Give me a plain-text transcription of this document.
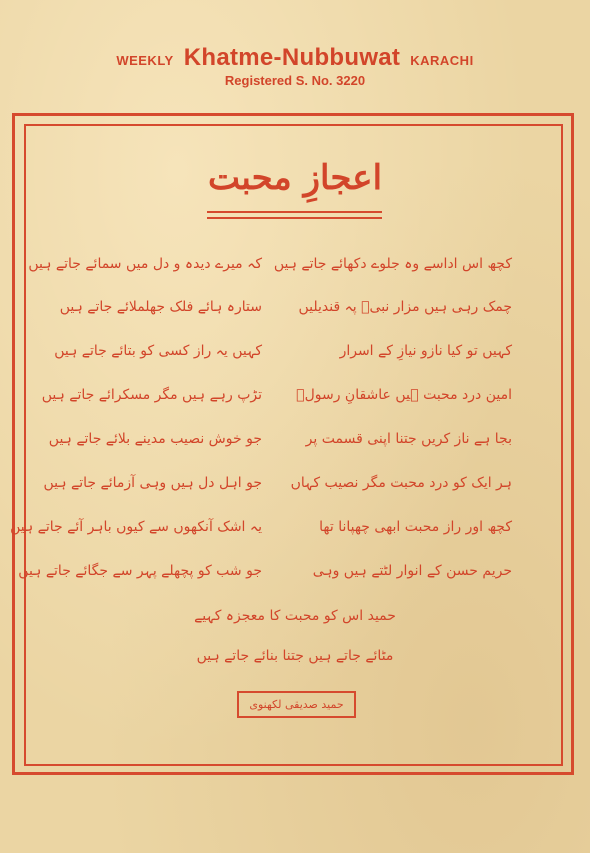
WEEKLY Khatme-Nubbuwat KARACHI
Registered S. No. 3220
اعجازِ محبت
کچھ اس اداسے وہ جلوے دکھائے جاتے ہیں
چمک رہی ہیں مزار نبیؐ پہ قندیلیں
کہیں تو کیا نازو نیازِ کے اسرار
امین درد محبت ہیں عاشقانِ رسولؐ
بجا ہے ناز کریں جتنا اپنی قسمت پر
ہر ایک کو درد محبت مگر نصیب کہاں
کچھ اور راز محبت ابھی چھپانا تھا
حریم حسن کے انوار لٹتے ہیں وہی
کہ میرے دیدہ و دل میں سمائے جاتے ہیں
ستارہ ہائے فلک جھلملائے جاتے ہیں
کہیں یہ راز کسی کو بتائے جاتے ہیں
تڑپ رہے ہیں مگر مسکرائے جاتے ہیں
جو خوش نصیب مدینے بلائے جاتے ہیں
جو اہل دل ہیں وہی آزمائے جاتے ہیں
یہ اشک آنکھوں سے کیوں باہر آئے جاتے ہیں
جو شب کو پچھلے پہر سے جگائے جاتے ہیں
حمید اس کو محبت کا معجزہ کہیے
مٹائے جاتے ہیں جتنا بنائے جاتے ہیں
حمید صدیقی لکھنوی
